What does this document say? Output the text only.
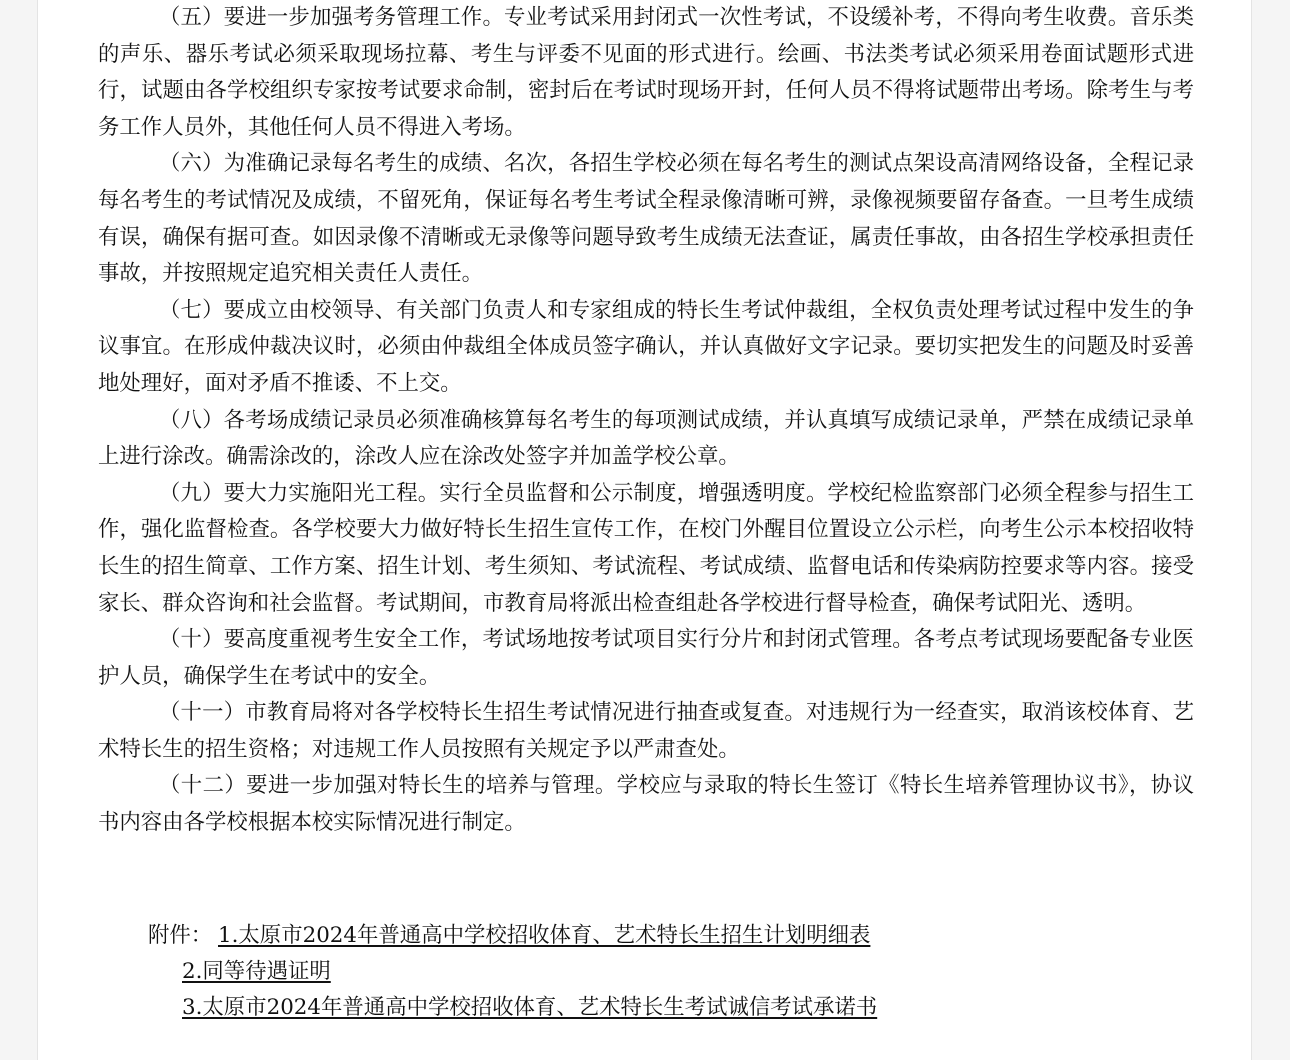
（五）要进一步加强考务管理工作。专业考试采用封闭式一次性考试，不设缓补考，不得向考生收费。音乐类的声乐、器乐考试必须采取现场拉幕、考生与评委不见面的形式进行。绘画、书法类考试必须采用卷面试题形式进行，试题由各学校组织专家按考试要求命制，密封后在考试时现场开封，任何人员不得将试题带出考场。除考生与考务工作人员外，其他任何人员不得进入考场。

（六）为准确记录每名考生的成绩、名次，各招生学校必须在每名考生的测试点架设高清网络设备，全程记录每名考生的考试情况及成绩，不留死角，保证每名考生考试全程录像清晰可辨，录像视频要留存备查。一旦考生成绩有误，确保有据可查。如因录像不清晰或无录像等问题导致考生成绩无法查证，属责任事故，由各招生学校承担责任事故，并按照规定追究相关责任人责任。

（七）要成立由校领导、有关部门负责人和专家组成的特长生考试仲裁组，全权负责处理考试过程中发生的争议事宜。在形成仲裁决议时，必须由仲裁组全体成员签字确认，并认真做好文字记录。要切实把发生的问题及时妥善地处理好，面对矛盾不推诿、不上交。

（八）各考场成绩记录员必须准确核算每名考生的每项测试成绩，并认真填写成绩记录单，严禁在成绩记录单上进行涂改。确需涂改的，涂改人应在涂改处签字并加盖学校公章。

（九）要大力实施阳光工程。实行全员监督和公示制度，增强透明度。学校纪检监察部门必须全程参与招生工作，强化监督检查。各学校要大力做好特长生招生宣传工作，在校门外醒目位置设立公示栏，向考生公示本校招收特长生的招生简章、工作方案、招生计划、考生须知、考试流程、考试成绩、监督电话和传染病防控要求等内容。接受家长、群众咨询和社会监督。考试期间，市教育局将派出检查组赴各学校进行督导检查，确保考试阳光、透明。

（十）要高度重视考生安全工作，考试场地按考试项目实行分片和封闭式管理。各考点考试现场要配备专业医护人员，确保学生在考试中的安全。

（十一）市教育局将对各学校特长生招生考试情况进行抽查或复查。对违规行为一经查实，取消该校体育、艺术特长生的招生资格；对违规工作人员按照有关规定予以严肃查处。

（十二）要进一步加强对特长生的培养与管理。学校应与录取的特长生签订《特长生培养管理协议书》，协议书内容由各学校根据本校实际情况进行制定。

附件： 1.太原市2024年普通高中学校招收体育、艺术特长生招生计划明细表
2.同等待遇证明
3.太原市2024年普通高中学校招收体育、艺术特长生考试诚信考试承诺书
